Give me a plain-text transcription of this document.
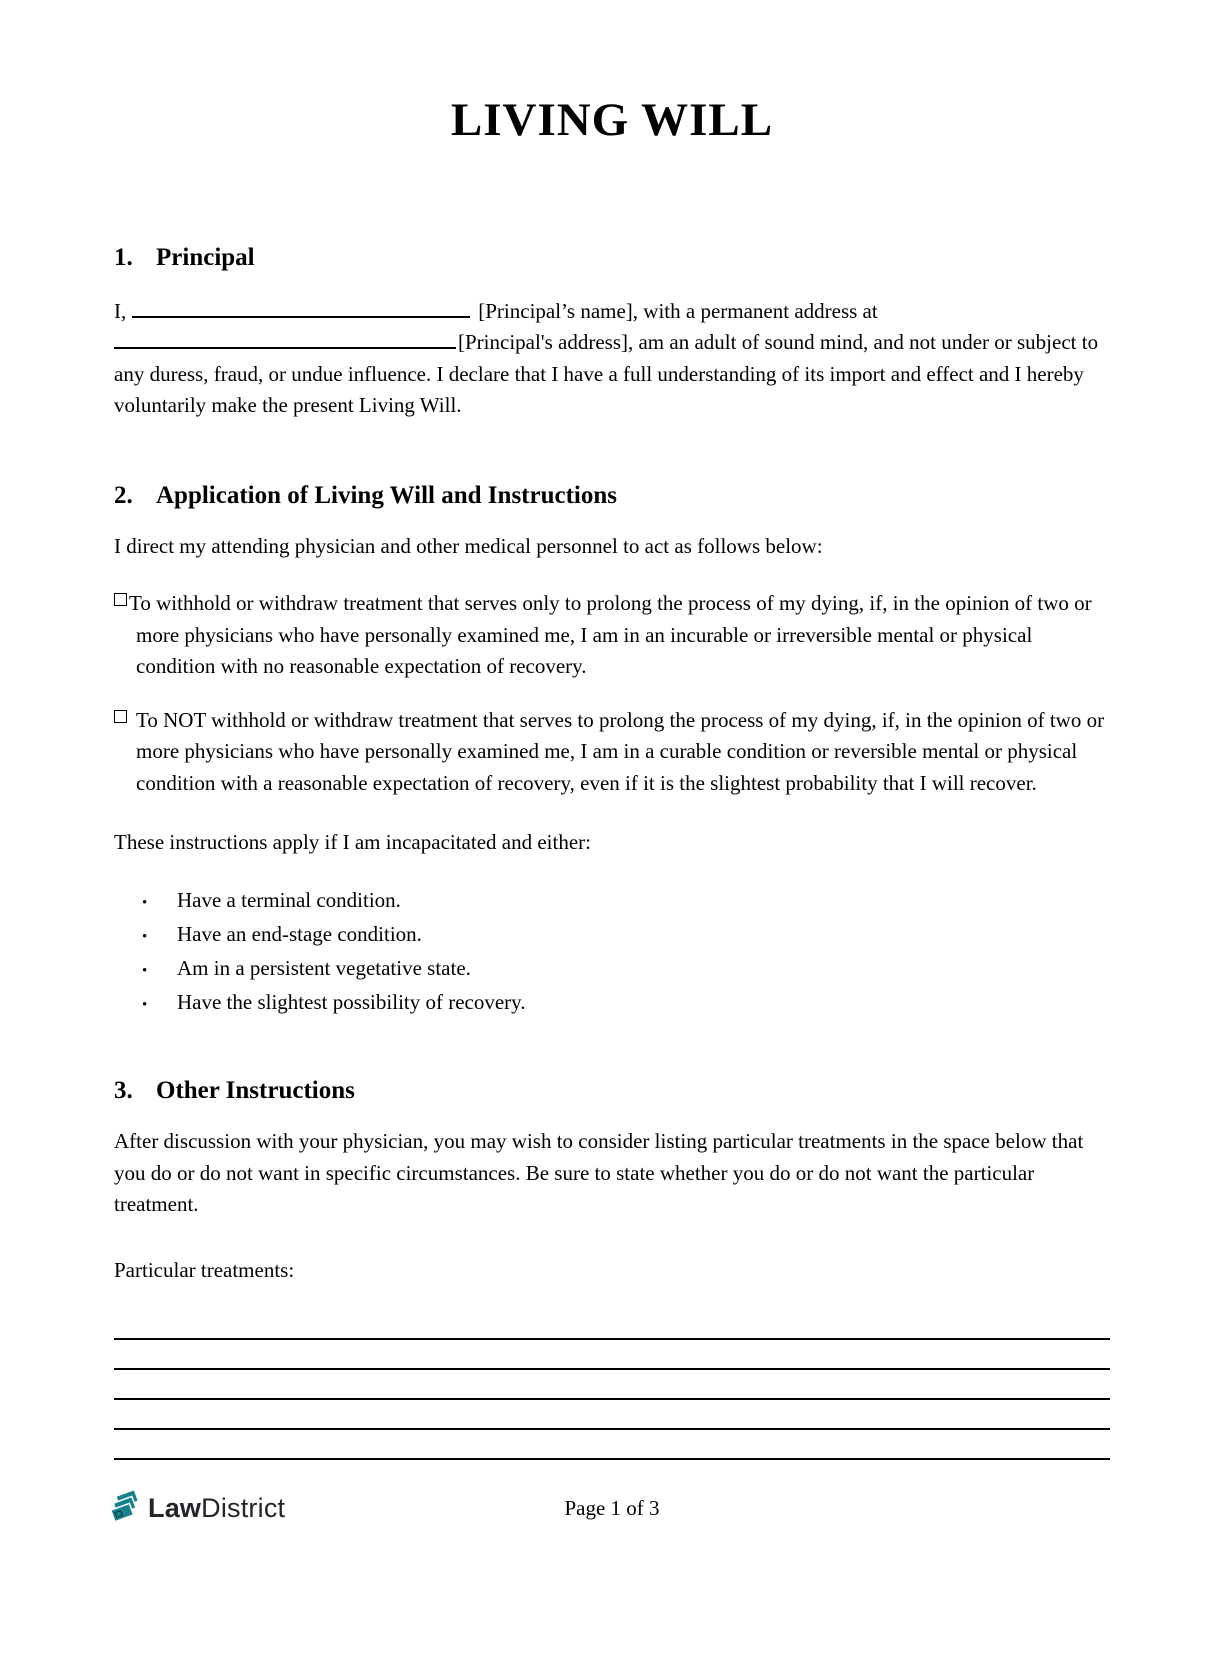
LIVING WILL
1. Principal
I,	[Principal’s name], with a permanent address at
[Principal's address], am an adult of sound mind, and not under or subject to any duress, fraud, or undue influence. I declare that I have a full understanding of its import and effect and I hereby voluntarily make the present Living Will.
2. Application of Living Will and Instructions

I direct my attending physician and other medical personnel to act as follows below:

To withhold or withdraw treatment that serves only to prolong the process of my dying, if, in the opinion of two or more physicians who have personally examined me, I am in an incurable or irreversible mental or physical condition with no reasonable expectation of recovery.
To NOT withhold or withdraw treatment that serves to prolong the process of my dying, if, in the opinion of two or more physicians who have personally examined me, I am in a curable condition or reversible mental or physical condition with a reasonable expectation of recovery, even if it is the slightest probability that I will recover.

These instructions apply if I am incapacitated and either:

•	Have a terminal condition.
•	Have an end-stage condition.
•	Am in a persistent vegetative state.
•	Have the slightest possibility of recovery.
3. Other Instructions

After discussion with your physician, you may wish to consider listing particular treatments in the space below that you do or do not want in specific circumstances. Be sure to state whether you do or do not want the particular treatment.

Particular treatments:

LawDistrict	Page 1 of 3
